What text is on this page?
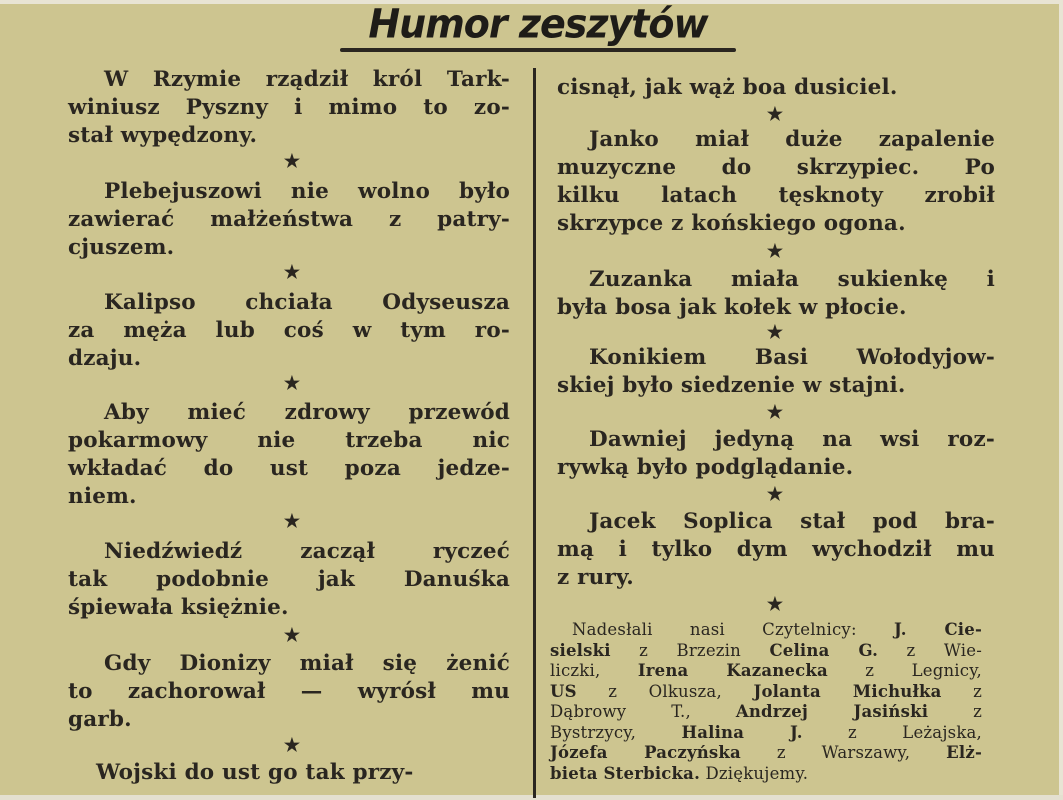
Humor zeszytów
W Rzymie rządził król Tark-
winiusz Pyszny i mimo to zo-
stał wypędzony.
Plebejuszowi nie wolno było
zawierać małżeństwa z patry-
cjuszem.
Kalipso chciała Odyseusza
za męża lub coś w tym ro-
dzaju.
Aby mieć zdrowy przewód
pokarmowy nie trzeba nic
wkładać do ust poza jedze-
niem.
Niedźwiedź zaczął ryczeć
tak podobnie jak Danuśka
śpiewała księżnie.
Gdy Dionizy miał się żenić
to zachorował — wyrósł mu
garb.
Wojski do ust go tak przy-
★
★
★
★
★
★
cisnął, jak wąż boa dusiciel.
Janko miał duże zapalenie
muzyczne do skrzypiec. Po
kilku latach tęsknoty zrobił
skrzypce z końskiego ogona.
Zuzanka miała sukienkę i
była bosa jak kołek w płocie.
Konikiem Basi Wołodyjow-
skiej było siedzenie w stajni.
Dawniej jedyną na wsi roz-
rywką było podglądanie.
Jacek Soplica stał pod bra-
mą i tylko dym wychodził mu
z rury.
★
★
★
★
★
★
Nadesłali nasi Czytelnicy: J. Cie-
sielski z Brzezin Celina G. z Wie-
liczki, Irena Kazanecka z Legnicy,
US z Olkusza, Jolanta Michułka z
Dąbrowy T., Andrzej Jasiński z
Bystrzycy, Halina J. z Leżajska,
Józefa Paczyńska z Warszawy, Elż-
bieta Sterbicka. Dziękujemy.
